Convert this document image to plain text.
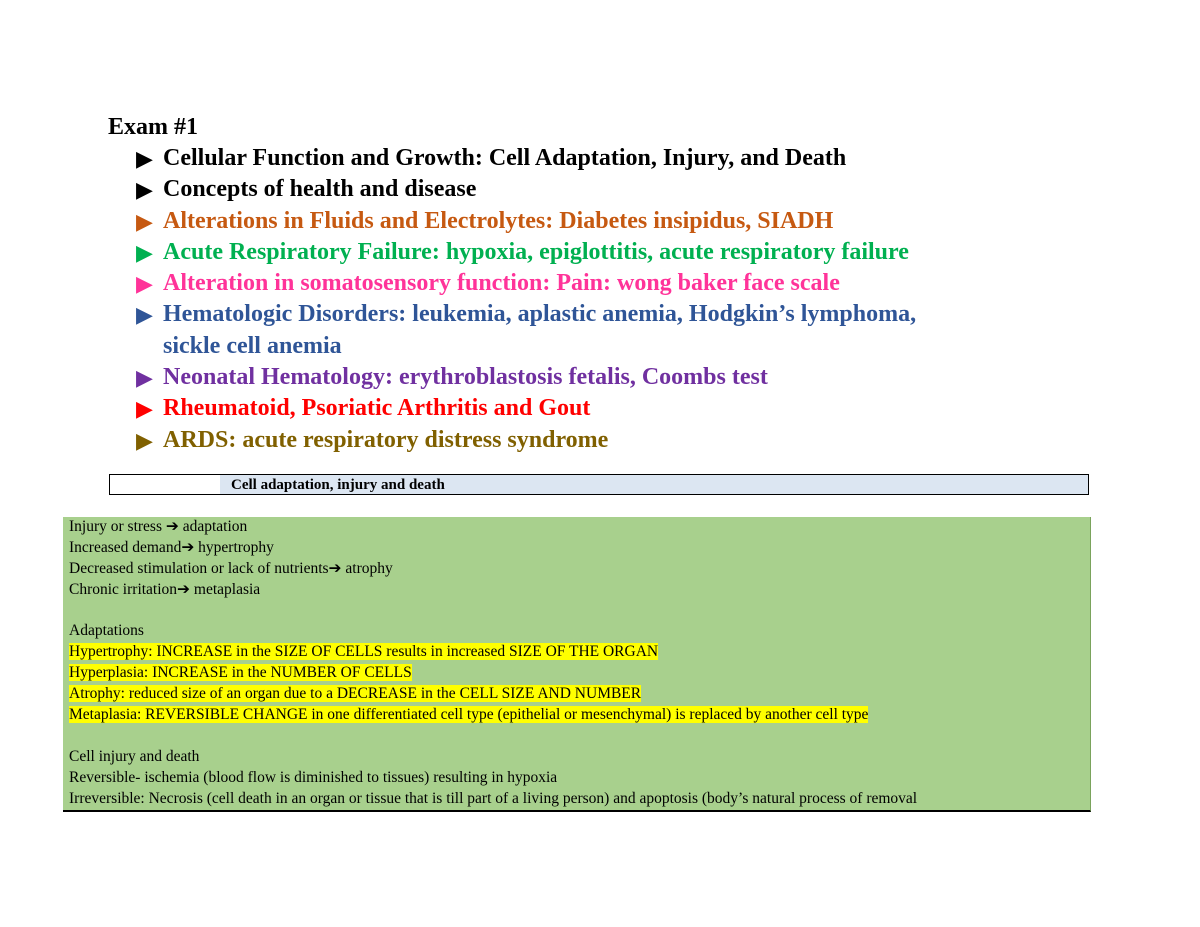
Exam #1
▶ Cellular Function and Growth: Cell Adaptation, Injury, and Death
▶ Concepts of health and disease
▶ Alterations in Fluids and Electrolytes: Diabetes insipidus, SIADH
▶ Acute Respiratory Failure: hypoxia, epiglottitis, acute respiratory failure
▶ Alteration in somatosensory function: Pain: wong baker face scale
▶ Hematologic Disorders: leukemia, aplastic anemia, Hodgkin’s lymphoma,
sickle cell anemia
▶ Neonatal Hematology: erythroblastosis fetalis, Coombs test
▶ Rheumatoid, Psoriatic Arthritis and Gout
▶ ARDS: acute respiratory distress syndrome
Cell adaptation, injury and death
Injury or stress ➔ adaptation
Increased demand➔ hypertrophy
Decreased stimulation or lack of nutrients➔ atrophy
Chronic irritation➔ metaplasia
Adaptations
Hypertrophy: INCREASE in the SIZE OF CELLS results in increased SIZE OF THE ORGAN
Hyperplasia: INCREASE in the NUMBER OF CELLS
Atrophy: reduced size of an organ due to a DECREASE in the CELL SIZE AND NUMBER
Metaplasia: REVERSIBLE CHANGE in one differentiated cell type (epithelial or mesenchymal) is replaced by another cell type
Cell injury and death
Reversible- ischemia (blood flow is diminished to tissues) resulting in hypoxia
Irreversible: Necrosis (cell death in an organ or tissue that is till part of a living person) and apoptosis (body’s natural process of removal
